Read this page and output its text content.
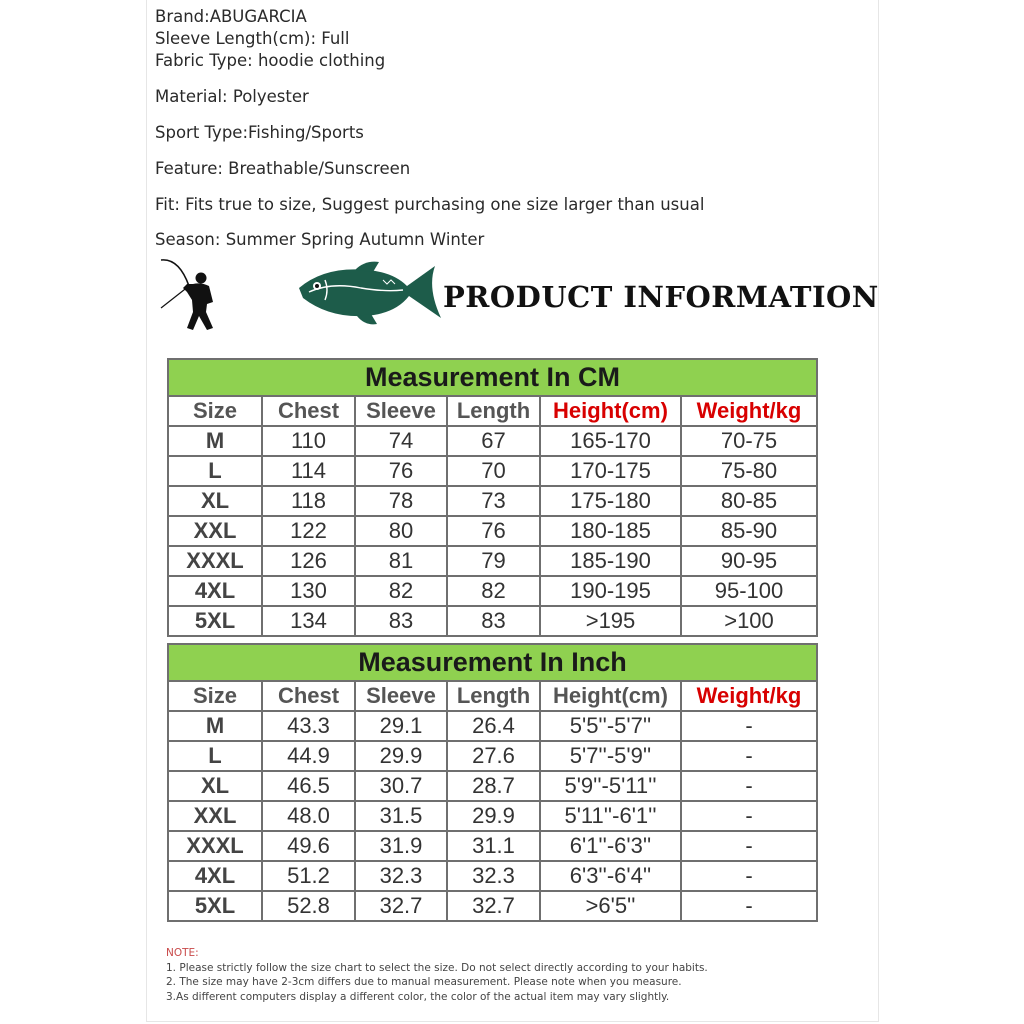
Brand:ABUGARCIA
Sleeve Length(cm): Full
Fabric Type: hoodie clothing
Material: Polyester
Sport Type:Fishing/Sports
Feature: Breathable/Sunscreen
Fit: Fits true to size, Suggest purchasing one size larger than usual
Season: Summer Spring Autumn Winter
PRODUCT INFORMATION
Measurement In CM					
Size	Chest	Sleeve	Length	Height(cm)	Weight/kg
M	110	74	67	165-170	70-75
L	114	76	70	170-175	75-80
XL	118	78	73	175-180	80-85
XXL	122	80	76	180-185	85-90
XXXL	126	81	79	185-190	90-95
4XL	130	82	82	190-195	95-100
5XL	134	83	83	>195	>100
Measurement In Inch					
Size	Chest	Sleeve	Length	Height(cm)	Weight/kg
M	43.3	29.1	26.4	5'5''-5'7''	-
L	44.9	29.9	27.6	5'7''-5'9''	-
XL	46.5	30.7	28.7	5'9''-5'11''	-
XXL	48.0	31.5	29.9	5'11''-6'1''	-
XXXL	49.6	31.9	31.1	6'1''-6'3''	-
4XL	51.2	32.3	32.3	6'3''-6'4''	-
5XL	52.8	32.7	32.7	>6'5''	-
NOTE:
1. Please strictly follow the size chart to select the size. Do not select directly according to your habits.
2. The size may have 2-3cm differs due to manual measurement. Please note when you measure.
3.As different computers display a different color, the color of the actual item may vary slightly.
